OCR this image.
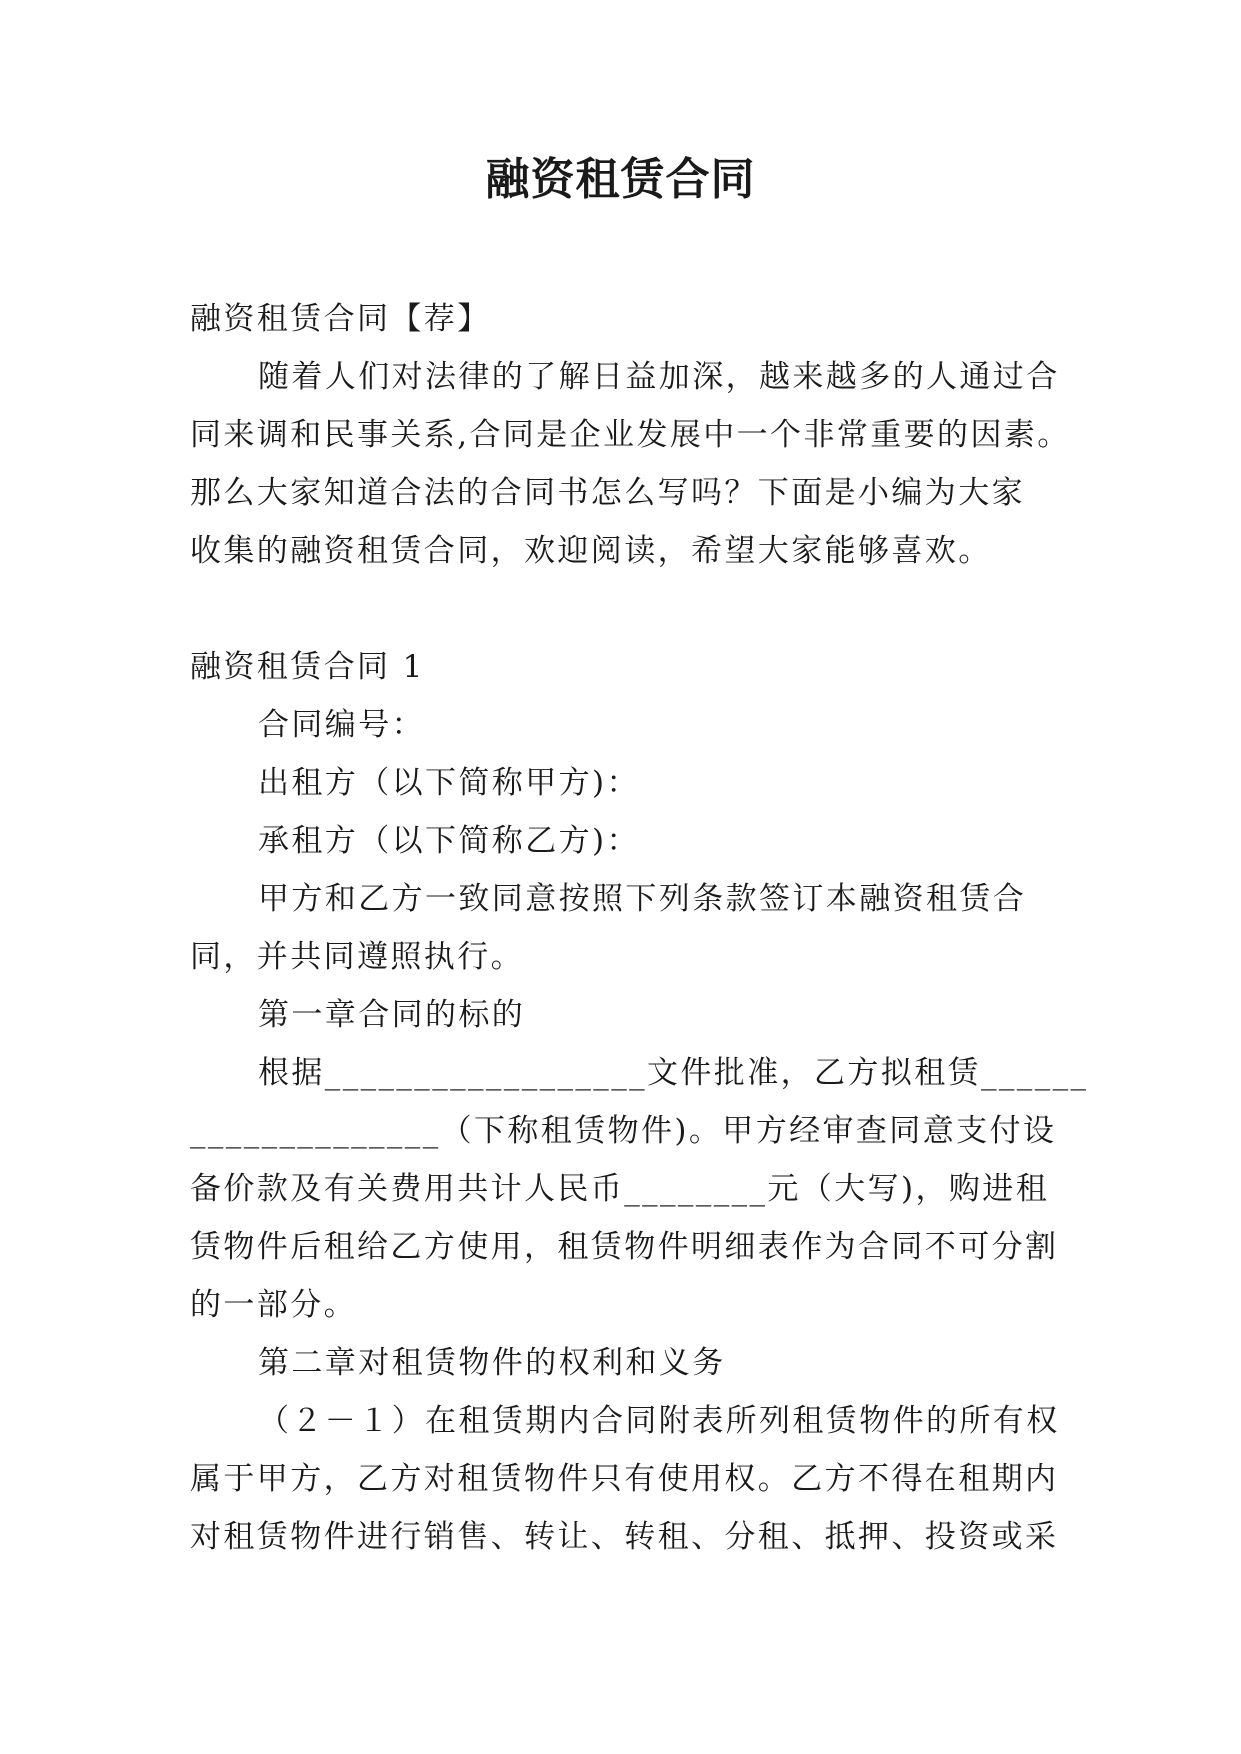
融资租赁合同
融资租赁合同【荐】
随着人们对法律的了解日益加深，越来越多的人通过合
同来调和民事关系,合同是企业发展中一个非常重要的因素。
那么大家知道合法的合同书怎么写吗？下面是小编为大家
收集的融资租赁合同，欢迎阅读，希望大家能够喜欢。
融资租赁合同 1
合同编号：
出租方（以下简称甲方)：
承租方（以下简称乙方)：
甲方和乙方一致同意按照下列条款签订本融资租赁合
同，并共同遵照执行。
第一章合同的标的
根据__________________文件批准，乙方拟租赁______
______________（下称租赁物件)。甲方经审查同意支付设
备价款及有关费用共计人民币________元（大写)，购进租
赁物件后租给乙方使用，租赁物件明细表作为合同不可分割
的一部分。
第二章对租赁物件的权利和义务
（２－１）在租赁期内合同附表所列租赁物件的所有权
属于甲方，乙方对租赁物件只有使用权。乙方不得在租期内
对租赁物件进行销售、转让、转租、分租、抵押、投资或采
